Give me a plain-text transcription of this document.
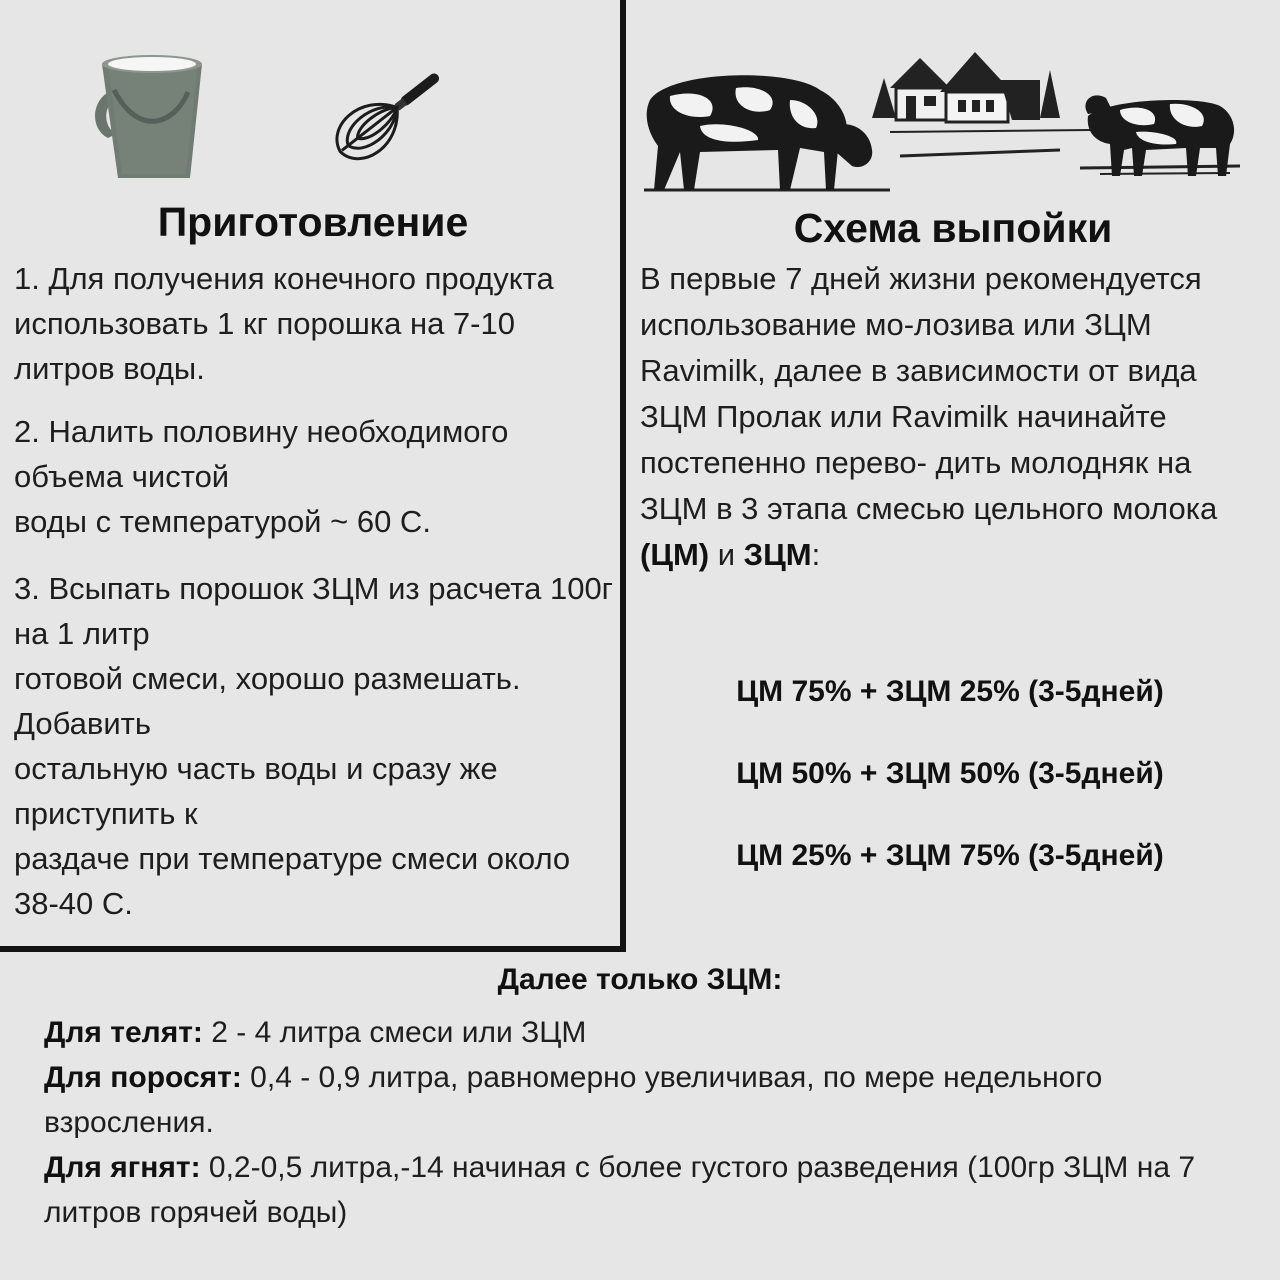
Приготовление	Схема выпойки

1. Для получения конечного продукта использовать 1 кг порошка на 7-10 литров воды.

2. Налить половину необходимого объема чистой
воды с температурой ~ 60 С.

3. Всыпать порошок ЗЦМ из расчета 100г на 1 литр
готовой смеси, хорошо размешать. Добавить
остальную часть воды и сразу же приступить к
раздаче при температуре смеси около 38-40 С.

В первые 7 дней жизни рекомендуется использование мо-лозива или ЗЦМ Ravimilk, далее в зависимости от вида ЗЦМ Пролак или Ravimilk начинайте постепенно перево- дить молодняк на ЗЦМ в 3 этапа смесью цельного молока (ЦМ) и ЗЦМ:

ЦМ 75% + ЗЦМ 25% (3-5дней)
ЦМ 50% + ЗЦМ 50% (3-5дней)
ЦМ 25% + ЗЦМ 75% (3-5дней)
Далее только ЗЦМ:

Для телят: 2 - 4 литра смеси или ЗЦМ

Для поросят: 0,4 - 0,9 литра, равномерно увеличивая, по мере недельного взросления.

Для ягнят: 0,2-0,5 литра,-14 начиная с более густого разведения (100гр ЗЦМ на 7 литров горячей воды)
